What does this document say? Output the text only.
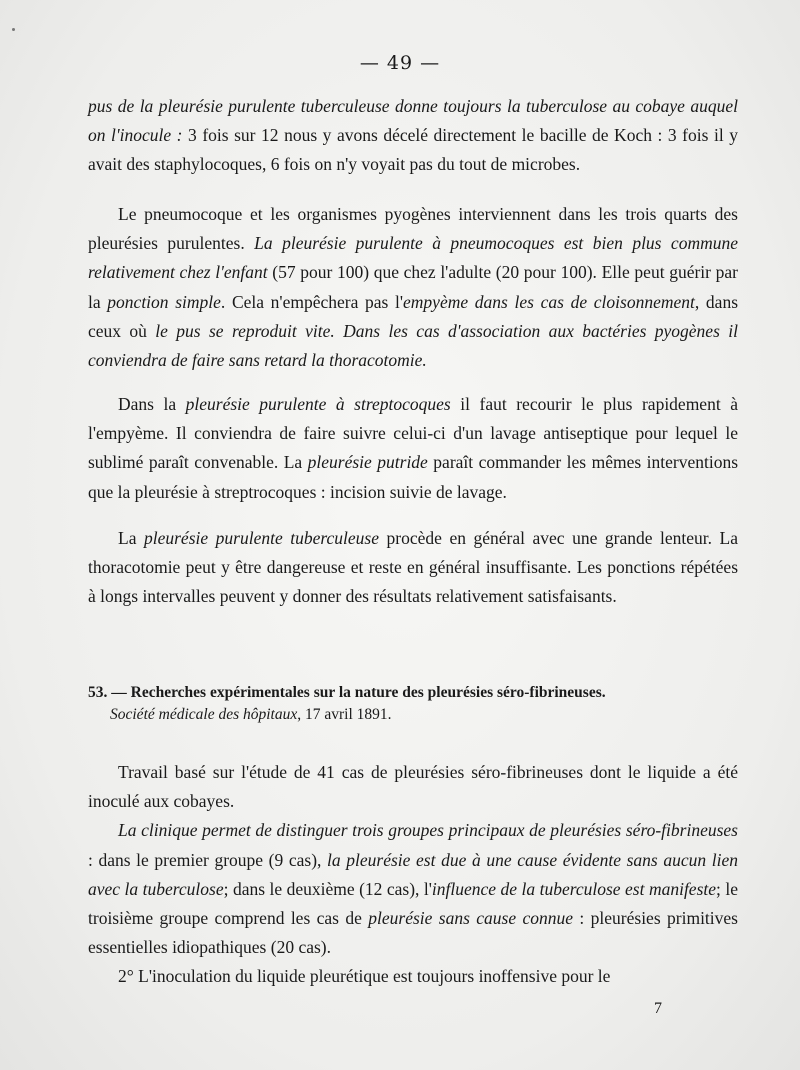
— 49 —

pus de la pleurésie purulente tuberculeuse donne toujours la tuberculose au cobaye auquel on l'inocule : 3 fois sur 12 nous y avons décelé directement le bacille de Koch : 3 fois il y avait des staphylocoques, 6 fois on n'y voyait pas du tout de microbes.

Le pneumocoque et les organismes pyogènes interviennent dans les trois quarts des pleurésies purulentes. La pleurésie purulente à pneumocoques est bien plus commune relativement chez l'enfant (57 pour 100) que chez l'adulte (20 pour 100). Elle peut guérir par la ponction simple. Cela n'empêchera pas l'empyème dans les cas de cloisonnement, dans ceux où le pus se reproduit vite. Dans les cas d'association aux bactéries pyogènes il conviendra de faire sans retard la thoracotomie.

Dans la pleurésie purulente à streptocoques il faut recourir le plus rapidement à l'empyème. Il conviendra de faire suivre celui-ci d'un lavage antiseptique pour lequel le sublimé paraît convenable. La pleurésie putride paraît commander les mêmes interventions que la pleurésie à streptrocoques : incision suivie de lavage.

La pleurésie purulente tuberculeuse procède en général avec une grande lenteur. La thoracotomie peut y être dangereuse et reste en général insuffisante. Les ponctions répétées à longs intervalles peuvent y donner des résultats relativement satisfaisants.

53. — Recherches expérimentales sur la nature des pleurésies séro-fibrineuses.
Société médicale des hôpitaux, 17 avril 1891.

Travail basé sur l'étude de 41 cas de pleurésies séro-fibrineuses dont le liquide a été inoculé aux cobayes.

La clinique permet de distinguer trois groupes principaux de pleurésies séro-fibrineuses : dans le premier groupe (9 cas), la pleurésie est due à une cause évidente sans aucun lien avec la tuberculose; dans le deuxième (12 cas), l'influence de la tuberculose est manifeste; le troisième groupe comprend les cas de pleurésie sans cause connue : pleurésies primitives essentielles idiopathiques (20 cas).

2° L'inoculation du liquide pleurétique est toujours inoffensive pour le

7
